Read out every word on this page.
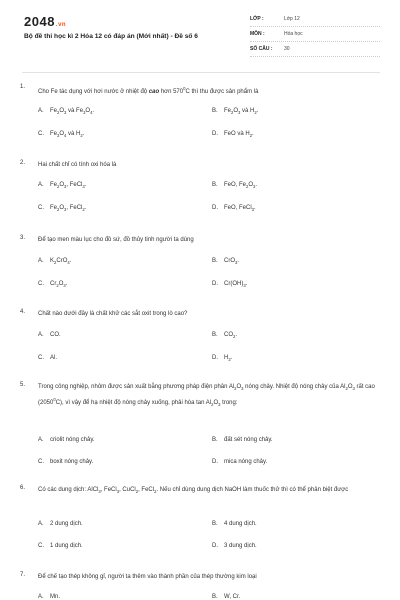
2048.vn
Bộ đề thi học kì 2 Hóa 12 có đáp án (Mới nhất) - Đề số 6
LỚP :	Lớp 12
MÔN :	Hóa học
SỐ CÂU :	30
1.
Cho Fe tác dụng với hơi nước ở nhiệt độ cao hơn $570^0C$ thì thu được sản phẩm là
A. $Fe_2O_3$ và $Fe_3O_4$.	B. $Fe_2O_3$ và $H_2$.
C. $Fe_3O_4$ và $H_2$.	D. FeO và $H_2$.
2. Hai chất chỉ có tính oxi hóa là
A. $Fe_2O_3$, FeCl$_3$.	B. FeO, $Fe_2O_3$.
C. $Fe_2O_3$, FeCl$_2$.	D. FeO, FeCl$_3$.
3. Để tạo men màu lục cho đồ sứ, đồ thủy tinh người ta dùng
A. $K_2CrO_4$.	B. CrO$_3$.
C. $Cr_2O_3$.	D. $Cr(OH)_3$.
4. Chất nào dưới đây là chất khử các sắt oxit trong lò cao?
A. CO.	B. $CO_2$.
C. Al.	D. $H_2$.
5. Trong công nghiệp, nhôm được sản xuất bằng phương pháp điện phân $Al_2O_3$ nóng chảy. Nhiệt độ nóng chảy của $Al_2O_3$ rất cao (2050$^0$C), vì vậy để hạ nhiệt độ nóng chảy xuống, phải hòa $\tan Al_2O_3$ trong:
A. criolit nóng chảy.	B. đất sét nóng chảy.
C. boxit nóng chảy.	D. mica nóng chảy.
6. Có các dung dịch: AlCl$_3$, FeCl$_3$, CuCl$_2$, FeCl$_2$. Nếu chỉ dùng dung dịch NaOH làm thuốc thử thì có thể phân biệt được
A. 2 dung dịch.	B. 4 dung dịch.
C. 1 dung dịch.	D. 3 dung dịch.
7. Để chế tạo thép không gỉ, người ta thêm vào thành phần của thép thường kim loại
A. Mn.	B. W, Cr.
